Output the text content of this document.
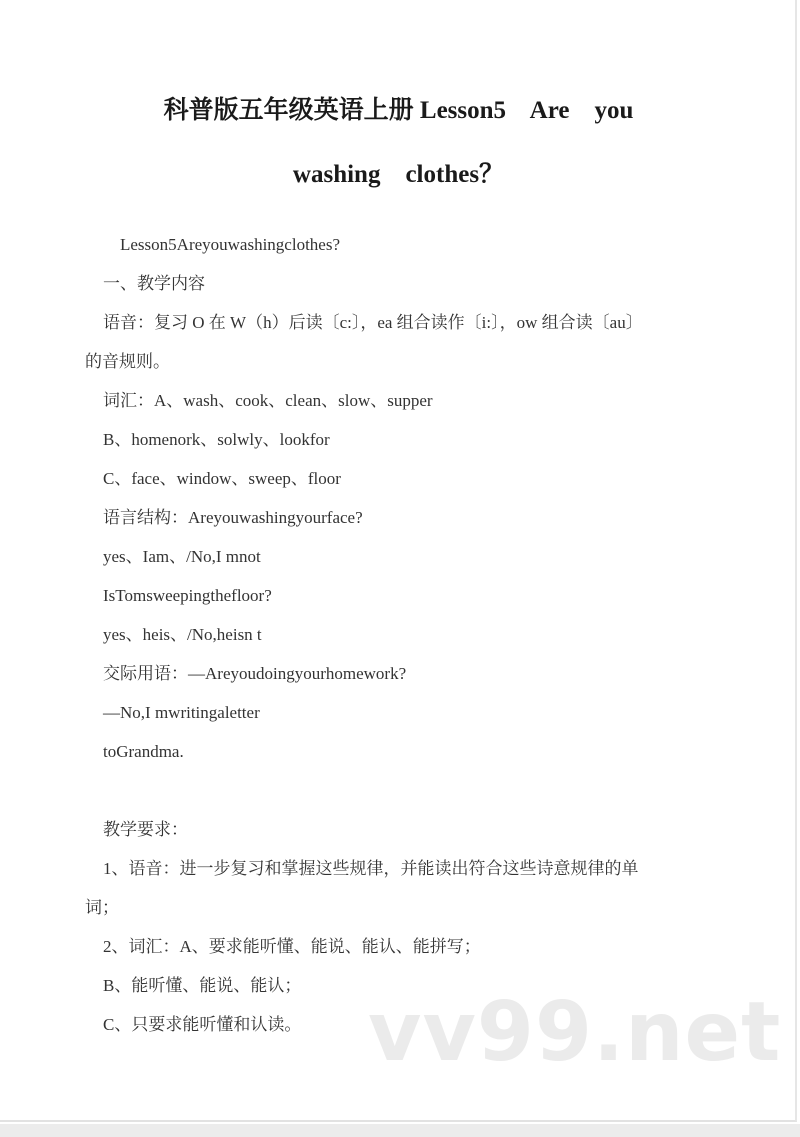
科普版五年级英语上册 Lesson5    Are    you
washing    clothes？
Lesson5Areyouwashingclothes?
一、教学内容
语音：复习 O 在 W（h）后读〔c:〕，ea 组合读作〔i:〕，ow 组合读〔au〕
的音规则。
词汇：A、wash、cook、clean、slow、supper
B、homenork、solwly、lookfor
C、face、window、sweep、floor
语言结构：Areyouwashingyourface?
yes、Iam、/No,I mnot
IsTomsweepingthefloor?
yes、heis、/No,heisn t
交际用语：—Areyoudoingyourhomework?
—No,I mwritingaletter
toGrandma.
教学要求：
1、语音：进一步复习和掌握这些规律，并能读出符合这些诗意规律的单
词；
2、词汇：A、要求能听懂、能说、能认、能拼写；
B、能听懂、能说、能认；
C、只要求能听懂和认读。 vv99.net
